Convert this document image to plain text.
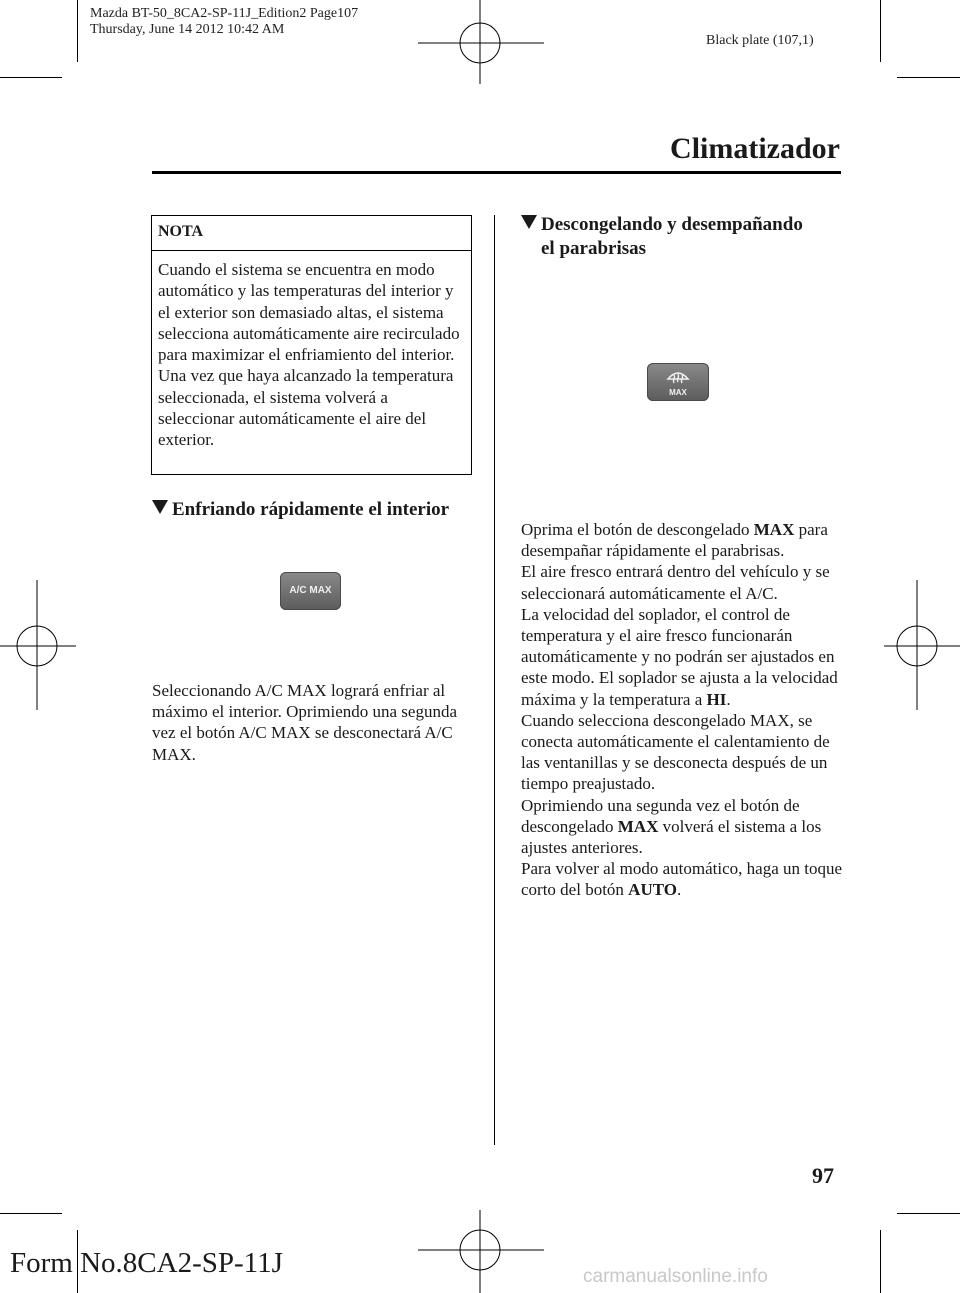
Mazda BT-50_8CA2-SP-11J_Edition2 Page107
Thursday, June 14 2012 10:42 AM
Black plate (107,1)
Climatizador
NOTA
Cuando el sistema se encuentra en modo automático y las temperaturas del interior y el exterior son demasiado altas, el sistema selecciona automáticamente aire recirculado para maximizar el enfriamiento del interior. Una vez que haya alcanzado la temperatura seleccionada, el sistema volverá a seleccionar automáticamente el aire del exterior.
Enfriando rápidamente el interior
A/C MAX
Seleccionando A/C MAX logrará enfriar al máximo el interior. Oprimiendo una segunda vez el botón A/C MAX se desconectará A/C MAX.
Descongelando y desempañando
el parabrisas
MAX
Oprima el botón de descongelado MAX para desempañar rápidamente el parabrisas.
El aire fresco entrará dentro del vehículo y se seleccionará automáticamente el A/C.
La velocidad del soplador, el control de temperatura y el aire fresco funcionarán automáticamente y no podrán ser ajustados en este modo. El soplador se ajusta a la velocidad máxima y la temperatura a HI.
Cuando selecciona descongelado MAX, se conecta automáticamente el calentamiento de las ventanillas y se desconecta después de un tiempo preajustado.
Oprimiendo una segunda vez el botón de descongelado MAX volverá el sistema a los ajustes anteriores.
Para volver al modo automático, haga un toque corto del botón AUTO.
97
Form No.8CA2-SP-11J	carmanualsonline.info
